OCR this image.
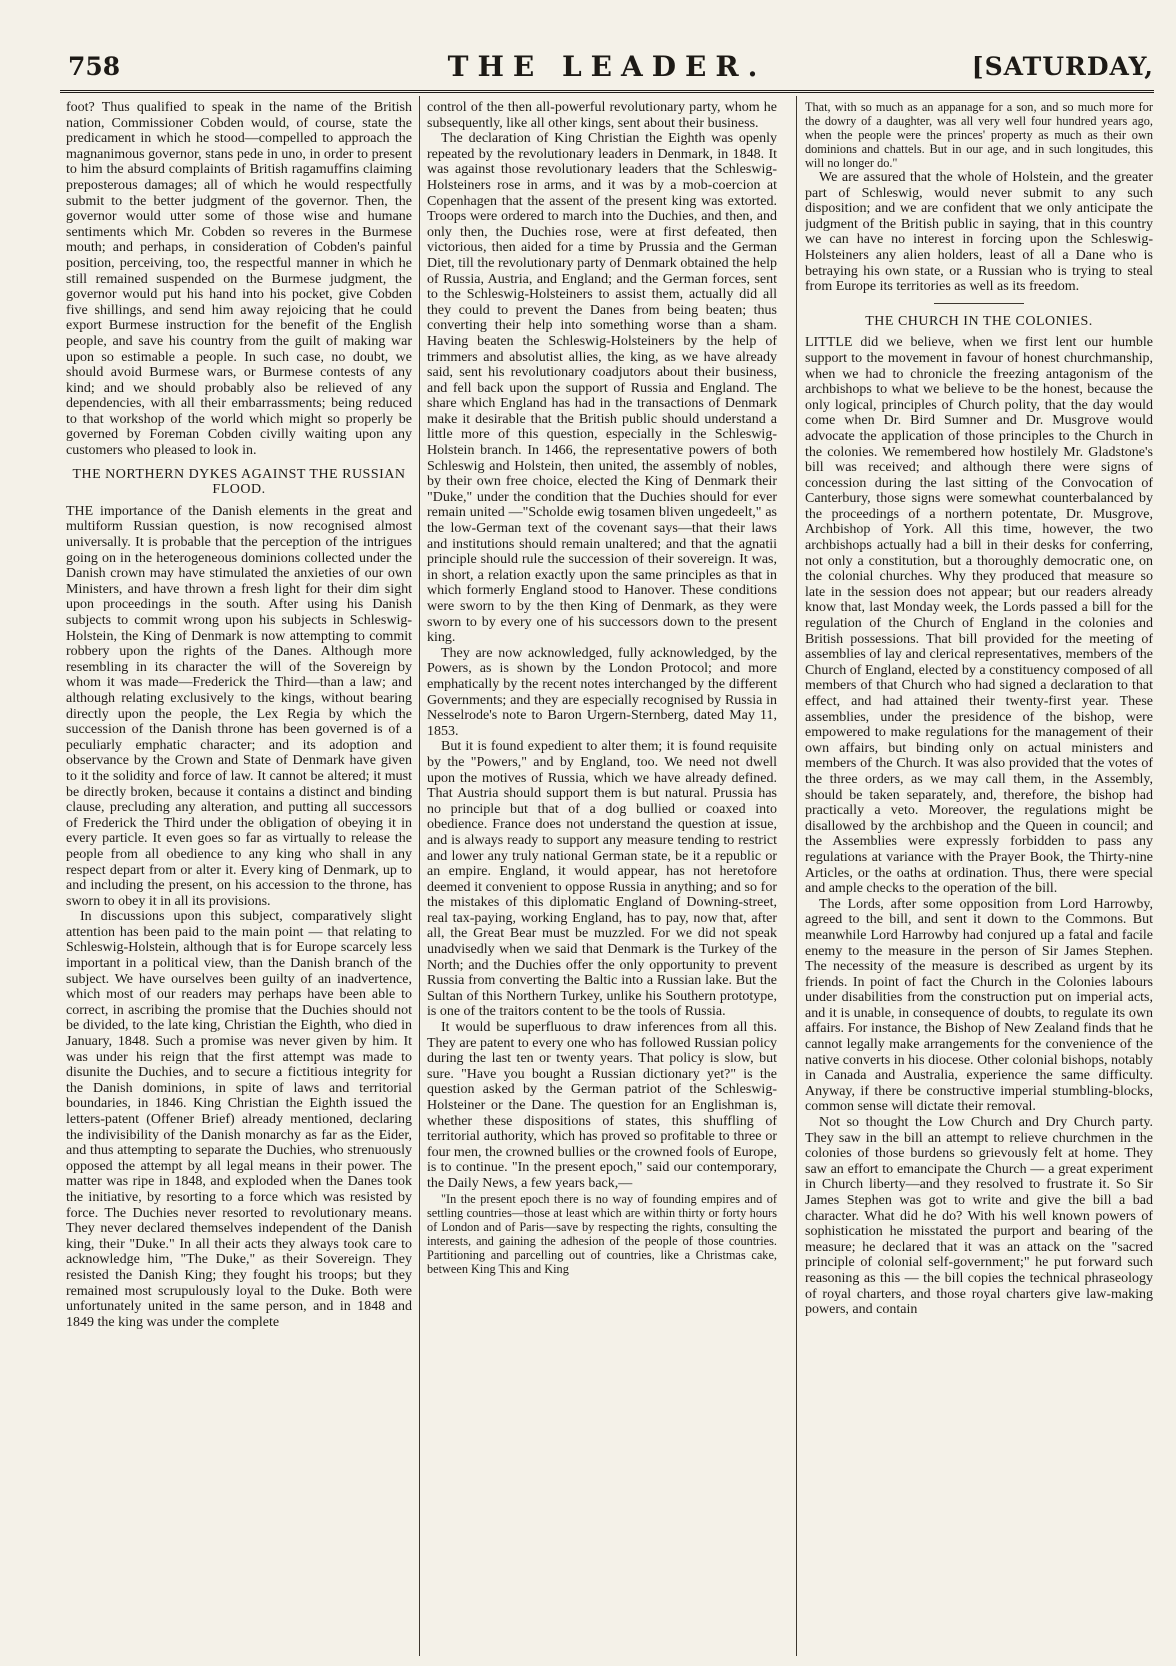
758	THE LEADER.	[SATURDAY,

foot? Thus qualified to speak in the name of the British nation, Commissioner Cobden would, of course, state the predicament in which he stood—compelled to approach the magnanimous governor, stans pede in uno, in order to present to him the absurd complaints of British ragamuffins claiming preposterous damages; all of which he would respectfully submit to the better judgment of the governor. Then, the governor would utter some of those wise and humane sentiments which Mr. Cobden so reveres in the Burmese mouth; and perhaps, in consideration of Cobden's painful position, perceiving, too, the respectful manner in which he still remained suspended on the Burmese judgment, the governor would put his hand into his pocket, give Cobden five shillings, and send him away rejoicing that he could export Burmese instruction for the benefit of the English people, and save his country from the guilt of making war upon so estimable a people. In such case, no doubt, we should avoid Burmese wars, or Burmese contests of any kind; and we should probably also be relieved of any dependencies, with all their embarrassments; being reduced to that workshop of the world which might so properly be governed by Foreman Cobden civilly waiting upon any customers who pleased to look in.

THE NORTHERN DYKES AGAINST THE RUSSIAN FLOOD.

THE importance of the Danish elements in the great and multiform Russian question, is now recognised almost universally. It is probable that the perception of the intrigues going on in the heterogeneous dominions collected under the Danish crown may have stimulated the anxieties of our own Ministers, and have thrown a fresh light for their dim sight upon proceedings in the south. After using his Danish subjects to commit wrong upon his subjects in Schleswig-Holstein, the King of Denmark is now attempting to commit robbery upon the rights of the Danes. Although more resembling in its character the will of the Sovereign by whom it was made—Frederick the Third—than a law; and although relating exclusively to the kings, without bearing directly upon the people, the Lex Regia by which the succession of the Danish throne has been governed is of a peculiarly emphatic character; and its adoption and observance by the Crown and State of Denmark have given to it the solidity and force of law. It cannot be altered; it must be directly broken, because it contains a distinct and binding clause, precluding any alteration, and putting all successors of Frederick the Third under the obligation of obeying it in every particle. It even goes so far as virtually to release the people from all obedience to any king who shall in any respect depart from or alter it. Every king of Denmark, up to and including the present, on his accession to the throne, has sworn to obey it in all its provisions.

In discussions upon this subject, comparatively slight attention has been paid to the main point — that relating to Schleswig-Holstein, although that is for Europe scarcely less important in a political view, than the Danish branch of the subject. We have ourselves been guilty of an inadvertence, which most of our readers may perhaps have been able to correct, in ascribing the promise that the Duchies should not be divided, to the late king, Christian the Eighth, who died in January, 1848. Such a promise was never given by him. It was under his reign that the first attempt was made to disunite the Duchies, and to secure a fictitious integrity for the Danish dominions, in spite of laws and territorial boundaries, in 1846. King Christian the Eighth issued the letters-patent (Offener Brief) already mentioned, declaring the indivisibility of the Danish monarchy as far as the Eider, and thus attempting to separate the Duchies, who strenuously opposed the attempt by all legal means in their power. The matter was ripe in 1848, and exploded when the Danes took the initiative, by resorting to a force which was resisted by force. The Duchies never resorted to revolutionary means. They never declared themselves independent of the Danish king, their "Duke." In all their acts they always took care to acknowledge him, "The Duke," as their Sovereign. They resisted the Danish King; they fought his troops; but they remained most scrupulously loyal to the Duke. Both were unfortunately united in the same person, and in 1848 and 1849 the king was under the complete

control of the then all-powerful revolutionary party, whom he subsequently, like all other kings, sent about their business.

The declaration of King Christian the Eighth was openly repeated by the revolutionary leaders in Denmark, in 1848. It was against those revolutionary leaders that the Schleswig-Holsteiners rose in arms, and it was by a mob-coercion at Copenhagen that the assent of the present king was extorted. Troops were ordered to march into the Duchies, and then, and only then, the Duchies rose, were at first defeated, then victorious, then aided for a time by Prussia and the German Diet, till the revolutionary party of Denmark obtained the help of Russia, Austria, and England; and the German forces, sent to the Schleswig-Holsteiners to assist them, actually did all they could to prevent the Danes from being beaten; thus converting their help into something worse than a sham. Having beaten the Schleswig-Holsteiners by the help of trimmers and absolutist allies, the king, as we have already said, sent his revolutionary coadjutors about their business, and fell back upon the support of Russia and England. The share which England has had in the transactions of Denmark make it desirable that the British public should understand a little more of this question, especially in the Schleswig-Holstein branch. In 1466, the representative powers of both Schleswig and Holstein, then united, the assembly of nobles, by their own free choice, elected the King of Denmark their "Duke," under the condition that the Duchies should for ever remain united —"Scholde ewig tosamen bliven ungedeelt," as the low-German text of the covenant says—that their laws and institutions should remain unaltered; and that the agnatii principle should rule the succession of their sovereign. It was, in short, a relation exactly upon the same principles as that in which formerly England stood to Hanover. These conditions were sworn to by the then King of Denmark, as they were sworn to by every one of his successors down to the present king.

They are now acknowledged, fully acknowledged, by the Powers, as is shown by the London Protocol; and more emphatically by the recent notes interchanged by the different Governments; and they are especially recognised by Russia in Nesselrode's note to Baron Urgern-Sternberg, dated May 11, 1853.

But it is found expedient to alter them; it is found requisite by the "Powers," and by England, too. We need not dwell upon the motives of Russia, which we have already defined. That Austria should support them is but natural. Prussia has no principle but that of a dog bullied or coaxed into obedience. France does not understand the question at issue, and is always ready to support any measure tending to restrict and lower any truly national German state, be it a republic or an empire. England, it would appear, has not heretofore deemed it convenient to oppose Russia in anything; and so for the mistakes of this diplomatic England of Downing-street, real tax-paying, working England, has to pay, now that, after all, the Great Bear must be muzzled. For we did not speak unadvisedly when we said that Denmark is the Turkey of the North; and the Duchies offer the only opportunity to prevent Russia from converting the Baltic into a Russian lake. But the Sultan of this Northern Turkey, unlike his Southern prototype, is one of the traitors content to be the tools of Russia.

It would be superfluous to draw inferences from all this. They are patent to every one who has followed Russian policy during the last ten or twenty years. That policy is slow, but sure. "Have you bought a Russian dictionary yet?" is the question asked by the German patriot of the Schleswig-Holsteiner or the Dane. The question for an Englishman is, whether these dispositions of states, this shuffling of territorial authority, which has proved so profitable to three or four men, the crowned bullies or the crowned fools of Europe, is to continue. "In the present epoch," said our contemporary, the Daily News, a few years back,—

"In the present epoch there is no way of founding empires and of settling countries—those at least which are within thirty or forty hours of London and of Paris—save by respecting the rights, consulting the interests, and gaining the adhesion of the people of those countries. Partitioning and parcelling out of countries, like a Christmas cake, between King This and King

That, with so much as an appanage for a son, and so much more for the dowry of a daughter, was all very well four hundred years ago, when the people were the princes' property as much as their own dominions and chattels. But in our age, and in such longitudes, this will no longer do."

We are assured that the whole of Holstein, and the greater part of Schleswig, would never submit to any such disposition; and we are confident that we only anticipate the judgment of the British public in saying, that in this country we can have no interest in forcing upon the Schleswig-Holsteiners any alien holders, least of all a Dane who is betraying his own state, or a Russian who is trying to steal from Europe its territories as well as its freedom.

THE CHURCH IN THE COLONIES.

LITTLE did we believe, when we first lent our humble support to the movement in favour of honest churchmanship, when we had to chronicle the freezing antagonism of the archbishops to what we believe to be the honest, because the only logical, principles of Church polity, that the day would come when Dr. Bird Sumner and Dr. Musgrove would advocate the application of those principles to the Church in the colonies. We remembered how hostilely Mr. Gladstone's bill was received; and although there were signs of concession during the last sitting of the Convocation of Canterbury, those signs were somewhat counterbalanced by the proceedings of a northern potentate, Dr. Musgrove, Archbishop of York. All this time, however, the two archbishops actually had a bill in their desks for conferring, not only a constitution, but a thoroughly democratic one, on the colonial churches. Why they produced that measure so late in the session does not appear; but our readers already know that, last Monday week, the Lords passed a bill for the regulation of the Church of England in the colonies and British possessions. That bill provided for the meeting of assemblies of lay and clerical representatives, members of the Church of England, elected by a constituency composed of all members of that Church who had signed a declaration to that effect, and had attained their twenty-first year. These assemblies, under the presidence of the bishop, were empowered to make regulations for the management of their own affairs, but binding only on actual ministers and members of the Church. It was also provided that the votes of the three orders, as we may call them, in the Assembly, should be taken separately, and, therefore, the bishop had practically a veto. Moreover, the regulations might be disallowed by the archbishop and the Queen in council; and the Assemblies were expressly forbidden to pass any regulations at variance with the Prayer Book, the Thirty-nine Articles, or the oaths at ordination. Thus, there were special and ample checks to the operation of the bill.

The Lords, after some opposition from Lord Harrowby, agreed to the bill, and sent it down to the Commons. But meanwhile Lord Harrowby had conjured up a fatal and facile enemy to the measure in the person of Sir James Stephen. The necessity of the measure is described as urgent by its friends. In point of fact the Church in the Colonies labours under disabilities from the construction put on imperial acts, and it is unable, in consequence of doubts, to regulate its own affairs. For instance, the Bishop of New Zealand finds that he cannot legally make arrangements for the convenience of the native converts in his diocese. Other colonial bishops, notably in Canada and Australia, experience the same difficulty. Anyway, if there be constructive imperial stumbling-blocks, common sense will dictate their removal.

Not so thought the Low Church and Dry Church party. They saw in the bill an attempt to relieve churchmen in the colonies of those burdens so grievously felt at home. They saw an effort to emancipate the Church — a great experiment in Church liberty—and they resolved to frustrate it. So Sir James Stephen was got to write and give the bill a bad character. What did he do? With his well known powers of sophistication he misstated the purport and bearing of the measure; he declared that it was an attack on the "sacred principle of colonial self-government;" he put forward such reasoning as this — the bill copies the technical phraseology of royal charters, and those royal charters give law-making powers, and contain
